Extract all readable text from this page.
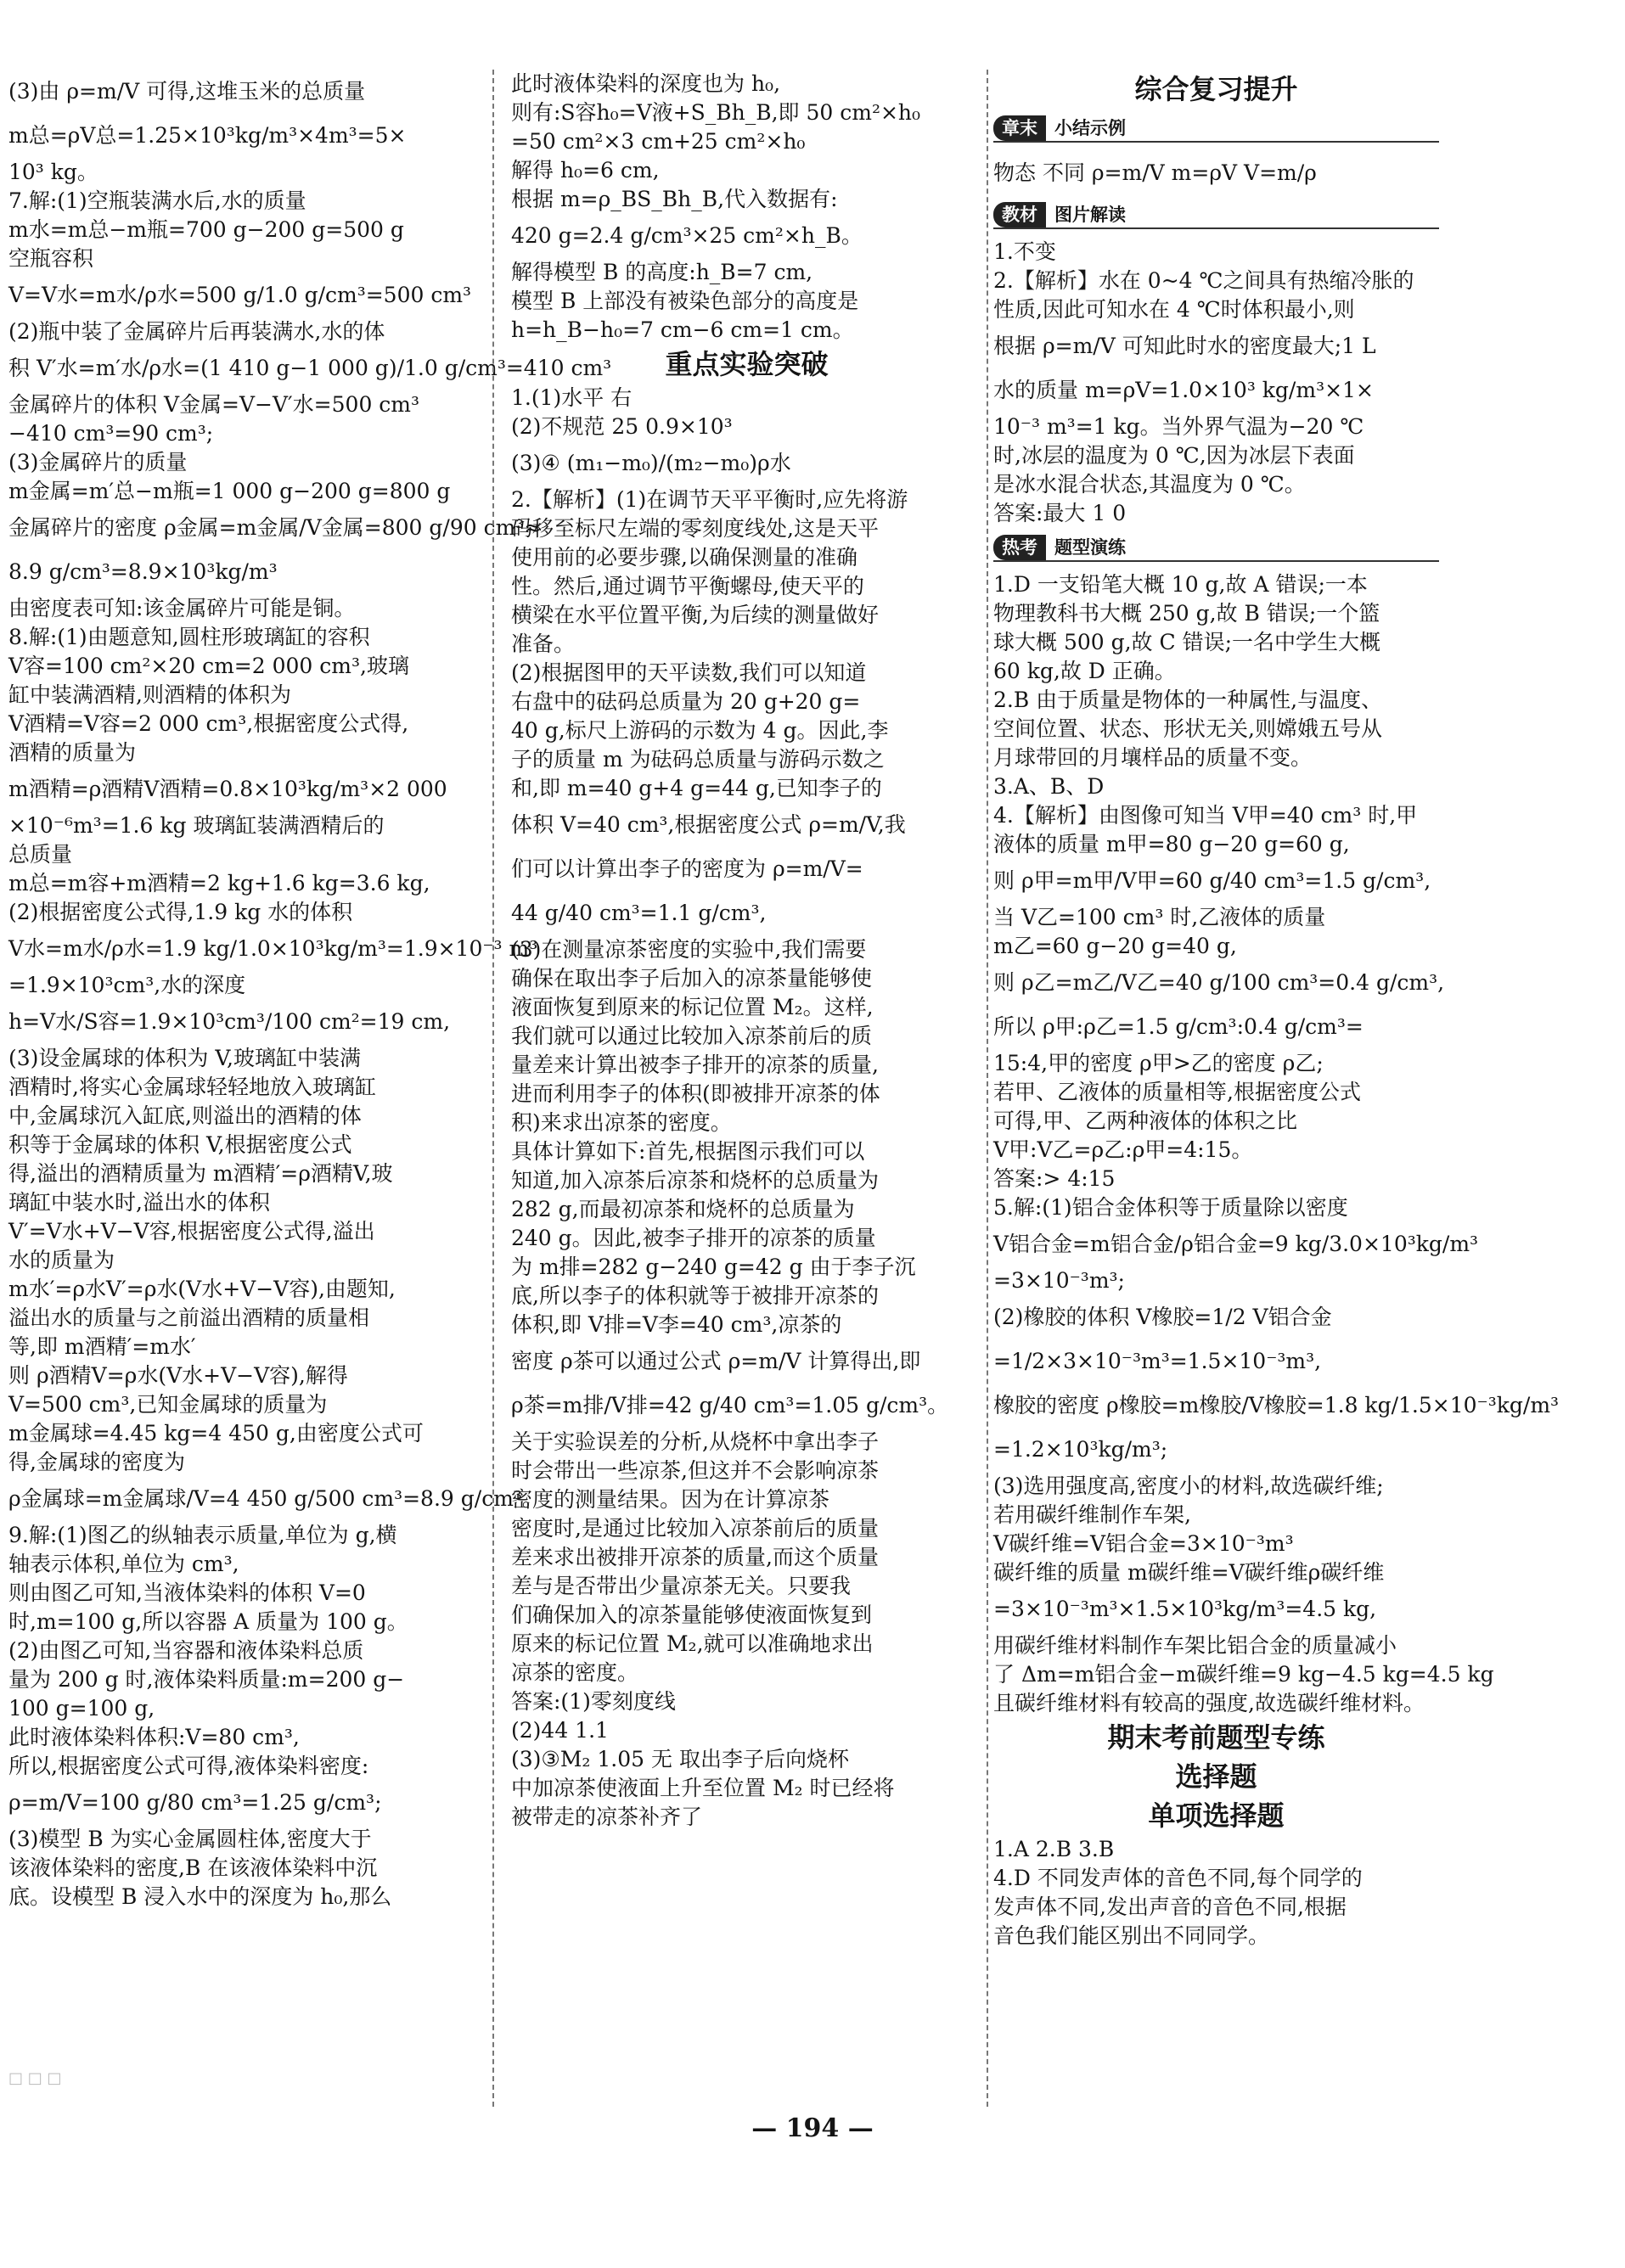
(3)由 ρ=m/V 可得,这堆玉米的总质量
m总=ρV总=1.25×10³kg/m³×4m³=5×
10³ kg。
7.解:(1)空瓶装满水后,水的质量
m水=m总−m瓶=700 g−200 g=500 g
空瓶容积
V=V水=m水/ρ水=500 g/1.0 g/cm³=500 cm³
(2)瓶中装了金属碎片后再装满水,水的体
积 V′水=m′水/ρ水=(1 410 g−1 000 g)/1.0 g/cm³=410 cm³
金属碎片的体积 V金属=V−V′水=500 cm³
−410 cm³=90 cm³;
(3)金属碎片的质量
m金属=m′总−m瓶=1 000 g−200 g=800 g
金属碎片的密度 ρ金属=m金属/V金属=800 g/90 cm³≈
8.9 g/cm³=8.9×10³kg/m³
由密度表可知:该金属碎片可能是铜。
8.解:(1)由题意知,圆柱形玻璃缸的容积
V容=100 cm²×20 cm=2 000 cm³,玻璃
缸中装满酒精,则酒精的体积为
V酒精=V容=2 000 cm³,根据密度公式得,
酒精的质量为
m酒精=ρ酒精V酒精=0.8×10³kg/m³×2 000
×10⁻⁶m³=1.6 kg 玻璃缸装满酒精后的
总质量
m总=m容+m酒精=2 kg+1.6 kg=3.6 kg,
(2)根据密度公式得,1.9 kg 水的体积
V水=m水/ρ水=1.9 kg/1.0×10³kg/m³=1.9×10⁻³ m³
=1.9×10³cm³,水的深度
h=V水/S容=1.9×10³cm³/100 cm²=19 cm,
(3)设金属球的体积为 V,玻璃缸中装满
酒精时,将实心金属球轻轻地放入玻璃缸
中,金属球沉入缸底,则溢出的酒精的体
积等于金属球的体积 V,根据密度公式
得,溢出的酒精质量为 m酒精′=ρ酒精V,玻
璃缸中装水时,溢出水的体积
V′=V水+V−V容,根据密度公式得,溢出
水的质量为
m水′=ρ水V′=ρ水(V水+V−V容),由题知,
溢出水的质量与之前溢出酒精的质量相
等,即 m酒精′=m水′
则 ρ酒精V=ρ水(V水+V−V容),解得
V=500 cm³,已知金属球的质量为
m金属球=4.45 kg=4 450 g,由密度公式可
得,金属球的密度为
ρ金属球=m金属球/V=4 450 g/500 cm³=8.9 g/cm³。
9.解:(1)图乙的纵轴表示质量,单位为 g,横
轴表示体积,单位为 cm³,
则由图乙可知,当液体染料的体积 V=0
时,m=100 g,所以容器 A 质量为 100 g。
(2)由图乙可知,当容器和液体染料总质
量为 200 g 时,液体染料质量:m=200 g−
100 g=100 g,
此时液体染料体积:V=80 cm³,
所以,根据密度公式可得,液体染料密度:
ρ=m/V=100 g/80 cm³=1.25 g/cm³;
(3)模型 B 为实心金属圆柱体,密度大于
该液体染料的密度,B 在该液体染料中沉
底。设模型 B 浸入水中的深度为 h₀,那么
此时液体染料的深度也为 h₀,
则有:S容h₀=V液+S_Bh_B,即 50 cm²×h₀
=50 cm²×3 cm+25 cm²×h₀
解得 h₀=6 cm,
根据 m=ρ_BS_Bh_B,代入数据有:
420 g=2.4 g/cm³×25 cm²×h_B。
解得模型 B 的高度:h_B=7 cm,
模型 B 上部没有被染色部分的高度是
h=h_B−h₀=7 cm−6 cm=1 cm。
重点实验突破
1.(1)水平 右
(2)不规范 25 0.9×10³
(3)④ (m₁−m₀)/(m₂−m₀)ρ水
2.【解析】(1)在调节天平平衡时,应先将游
码移至标尺左端的零刻度线处,这是天平
使用前的必要步骤,以确保测量的准确
性。然后,通过调节平衡螺母,使天平的
横梁在水平位置平衡,为后续的测量做好
准备。
(2)根据图甲的天平读数,我们可以知道
右盘中的砝码总质量为 20 g+20 g=
40 g,标尺上游码的示数为 4 g。因此,李
子的质量 m 为砝码总质量与游码示数之
和,即 m=40 g+4 g=44 g,已知李子的
体积 V=40 cm³,根据密度公式 ρ=m/V,我
们可以计算出李子的密度为 ρ=m/V=
44 g/40 cm³=1.1 g/cm³,
(3)在测量凉茶密度的实验中,我们需要
确保在取出李子后加入的凉茶量能够使
液面恢复到原来的标记位置 M₂。这样,
我们就可以通过比较加入凉茶前后的质
量差来计算出被李子排开的凉茶的质量,
进而利用李子的体积(即被排开凉茶的体
积)来求出凉茶的密度。
具体计算如下:首先,根据图示我们可以
知道,加入凉茶后凉茶和烧杯的总质量为
282 g,而最初凉茶和烧杯的总质量为
240 g。因此,被李子排开的凉茶的质量
为 m排=282 g−240 g=42 g 由于李子沉
底,所以李子的体积就等于被排开凉茶的
体积,即 V排=V李=40 cm³,凉茶的
密度 ρ茶可以通过公式 ρ=m/V 计算得出,即
ρ茶=m排/V排=42 g/40 cm³=1.05 g/cm³。
关于实验误差的分析,从烧杯中拿出李子
时会带出一些凉茶,但这并不会影响凉茶
密度的测量结果。因为在计算凉茶
密度时,是通过比较加入凉茶前后的质量
差来求出被排开凉茶的质量,而这个质量
差与是否带出少量凉茶无关。只要我
们确保加入的凉茶量能够使液面恢复到
原来的标记位置 M₂,就可以准确地求出
凉茶的密度。
答案:(1)零刻度线
(2)44 1.1
(3)③M₂ 1.05 无 取出李子后向烧杯
中加凉茶使液面上升至位置 M₂ 时已经将
被带走的凉茶补齐了
综合复习提升
章末 小结示例
物态 不同 ρ=m/V m=ρV V=m/ρ
教材 图片解读
1.不变
2.【解析】水在 0~4 ℃之间具有热缩冷胀的
性质,因此可知水在 4 ℃时体积最小,则
根据 ρ=m/V 可知此时水的密度最大;1 L
水的质量 m=ρV=1.0×10³ kg/m³×1×
10⁻³ m³=1 kg。当外界气温为−20 ℃
时,冰层的温度为 0 ℃,因为冰层下表面
是冰水混合状态,其温度为 0 ℃。
答案:最大 1 0
热考 题型演练
1.D 一支铅笔大概 10 g,故 A 错误;一本
物理教科书大概 250 g,故 B 错误;一个篮
球大概 500 g,故 C 错误;一名中学生大概
60 kg,故 D 正确。
2.B 由于质量是物体的一种属性,与温度、
空间位置、状态、形状无关,则嫦娥五号从
月球带回的月壤样品的质量不变。
3.A、B、D
4.【解析】由图像可知当 V甲=40 cm³ 时,甲
液体的质量 m甲=80 g−20 g=60 g,
则 ρ甲=m甲/V甲=60 g/40 cm³=1.5 g/cm³,
当 V乙=100 cm³ 时,乙液体的质量
m乙=60 g−20 g=40 g,
则 ρ乙=m乙/V乙=40 g/100 cm³=0.4 g/cm³,
所以 ρ甲:ρ乙=1.5 g/cm³:0.4 g/cm³=
15:4,甲的密度 ρ甲>乙的密度 ρ乙;
若甲、乙液体的质量相等,根据密度公式
可得,甲、乙两种液体的体积之比
V甲:V乙=ρ乙:ρ甲=4:15。
答案:> 4:15
5.解:(1)铝合金体积等于质量除以密度
V铝合金=m铝合金/ρ铝合金=9 kg/3.0×10³kg/m³
=3×10⁻³m³;
(2)橡胶的体积 V橡胶=1/2 V铝合金
=1/2×3×10⁻³m³=1.5×10⁻³m³,
橡胶的密度 ρ橡胶=m橡胶/V橡胶=1.8 kg/1.5×10⁻³kg/m³
=1.2×10³kg/m³;
(3)选用强度高,密度小的材料,故选碳纤维;
若用碳纤维制作车架,
V碳纤维=V铝合金=3×10⁻³m³
碳纤维的质量 m碳纤维=V碳纤维ρ碳纤维
=3×10⁻³m³×1.5×10³kg/m³=4.5 kg,
用碳纤维材料制作车架比铝合金的质量减小
了 Δm=m铝合金−m碳纤维=9 kg−4.5 kg=4.5 kg
且碳纤维材料有较高的强度,故选碳纤维材料。
期末考前题型专练
选择题
单项选择题
1.A 2.B 3.B
4.D 不同发声体的音色不同,每个同学的
发声体不同,发出声音的音色不同,根据
音色我们能区别出不同同学。
□ □ □
— 194 —
